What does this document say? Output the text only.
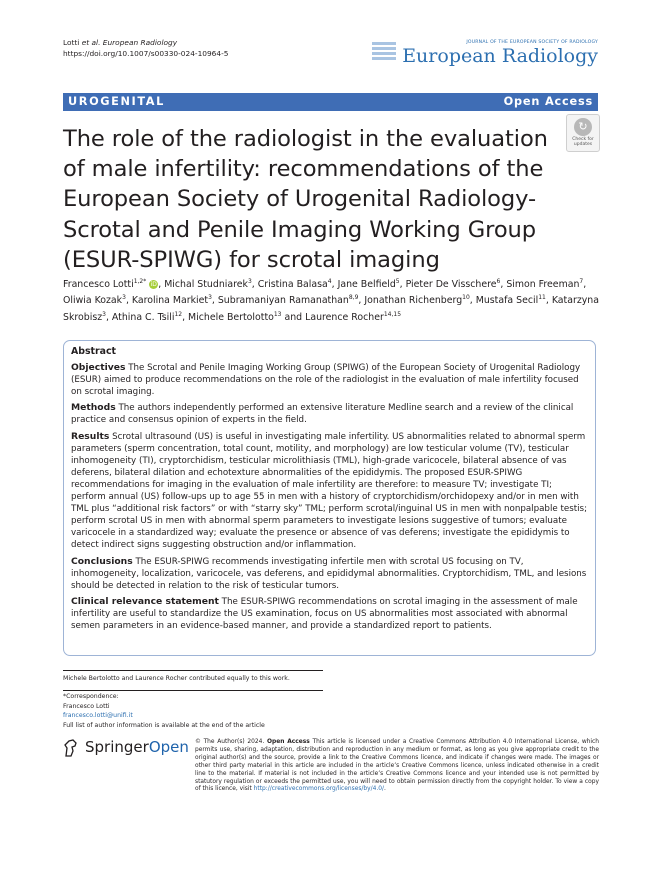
Lotti et al. European Radiology
https://doi.org/10.1007/s00330-024-10964-5
JOURNAL OF THE EUROPEAN SOCIETY OF RADIOLOGY
European Radiology
UROGENITAL	Open Access
The role of the radiologist in the evaluation
of male infertility: recommendations of the
European Society of Urogenital Radiology-
Scrotal and Penile Imaging Working Group
(ESUR-SPIWG) for scrotal imaging
↻
Check for
updates
Francesco Lotti$^{1,2*}$ iD, Michal Studniarek$^3$, Cristina Balasa$^4$, Jane Belfield$^5$, Pieter De Visschere$^6$, Simon Freeman$^7$, Oliwia Kozak$^3$, Karolina Markiet$^3$, Subramaniyan Ramanathan$^{8,9}$, Jonathan Richenberg$^{10}$, Mustafa Secil$^{11}$, Katarzyna Skrobisz$^3$, Athina C. Tsili$^{12}$, Michele Bertolotto$^{13}$ and Laurence Rocher$^{14,15}$
Abstract

Objectives The Scrotal and Penile Imaging Working Group (SPIWG) of the European Society of Urogenital Radiology (ESUR) aimed to produce recommendations on the role of the radiologist in the evaluation of male infertility focused on scrotal imaging.

Methods The authors independently performed an extensive literature Medline search and a review of the clinical practice and consensus opinion of experts in the field.

Results Scrotal ultrasound (US) is useful in investigating male infertility. US abnormalities related to abnormal sperm parameters (sperm concentration, total count, motility, and morphology) are low testicular volume (TV), testicular inhomogeneity (TI), cryptorchidism, testicular microlithiasis (TML), high-grade varicocele, bilateral absence of vas deferens, bilateral dilation and echotexture abnormalities of the epididymis. The proposed ESUR-SPIWG recommendations for imaging in the evaluation of male infertility are therefore: to measure TV; investigate TI; perform annual (US) follow-ups up to age 55 in men with a history of cryptorchidism/orchidopexy and/or in men with TML plus “additional risk factors” or with “starry sky” TML; perform scrotal/inguinal US in men with nonpalpable testis; perform scrotal US in men with abnormal sperm parameters to investigate lesions suggestive of tumors; evaluate varicocele in a standardized way; evaluate the presence or absence of vas deferens; investigate the epididymis to detect indirect signs suggesting obstruction and/or inflammation.

Conclusions The ESUR-SPIWG recommends investigating infertile men with scrotal US focusing on TV, inhomogeneity, localization, varicocele, vas deferens, and epididymal abnormalities. Cryptorchidism, TML, and lesions should be detected in relation to the risk of testicular tumors.

Clinical relevance statement The ESUR-SPIWG recommendations on scrotal imaging in the assessment of male infertility are useful to standardize the US examination, focus on US abnormalities most associated with abnormal semen parameters in an evidence-based manner, and provide a standardized report to patients.

Michele Bertolotto and Laurence Rocher contributed equally to this work.
*Correspondence:
Francesco Lotti
francesco.lotti@unifi.it
Full list of author information is available at the end of the article
SpringerOpen © The Author(s) 2024. Open Access This article is licensed under a Creative Commons Attribution 4.0 International License, which permits use, sharing, adaptation, distribution and reproduction in any medium or format, as long as you give appropriate credit to the original author(s) and the source, provide a link to the Creative Commons licence, and indicate if changes were made. The images or other third party material in this article are included in the article’s Creative Commons licence, unless indicated otherwise in a credit line to the material. If material is not included in the article’s Creative Commons licence and your intended use is not permitted by statutory regulation or exceeds the permitted use, you will need to obtain permission directly from the copyright holder. To view a copy of this licence, visit http://creativecommons.org/licenses/by/4.0/.
